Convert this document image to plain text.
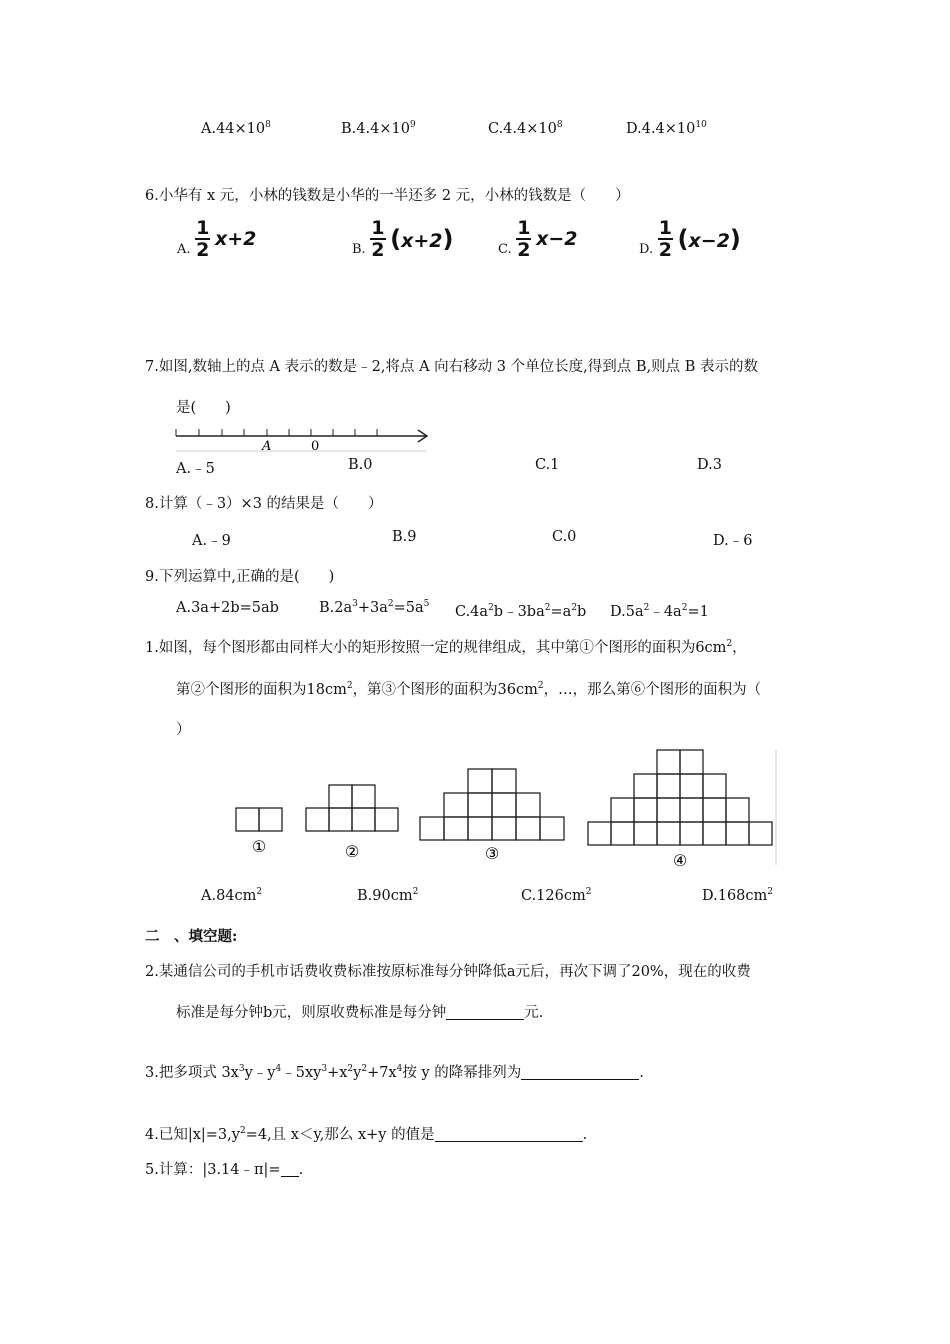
$A.44\times 10^8$	$B.4.4\times 10^9$	$C.4.4\times 10^8$	$D.4.4\times 10^{10}$
6.小华有 x 元，小林的钱数是小华的一半还多 2 元，小林的钱数是（　　）
A. $\frac{1}{2} x+2$	B. $\frac{1}{2} (x+2)$	C. $\frac{1}{2} x-2$	D. $\frac{1}{2} (x-2)$
7.如图,数轴上的点 A 表示的数是﹣2,将点 A 向右移动 3 个单位长度,得到点 B,则点 B 表示的数
是(　　)
A	0
A.﹣5	B.0	C.1	D.3
8.计算（﹣3）×3 的结果是（　　）
A.﹣9	B.9	C.0	D.﹣6
9.下列运算中,正确的是(　　)
A.3a+2b=5ab	$B.2a^3+3a^2=5a^5$ $C.4a^2b﹣3ba^2=a^2b$ $D.5a^2﹣4a^2=1$
1.如图，每个图形都由同样大小的矩形按照一定的规律组成，其中第①个图形的面积为$6cm^2$，
第②个图形的面积为$18cm^2$，第③个图形的面积为$36cm^2$，…，那么第⑥个图形的面积为（
）
①	②	③	④
$A.84cm^2$	$B.90cm^2$	$C.126cm^2$	$D.168cm^2$
二　、填空题:
2.某通信公司的手机市话费收费标准按原标准每分钟降低a元后，再次下调了20%，现在的收费
标准是每分钟b元，则原收费标准是每分钟	元.
3.把多项式 $3x^3y﹣y^4﹣5xy^3+x^2y^2+7x^4$按 y 的降幂排列为	.
4.已知$|x|=3,y^2=4$,且 x＜y,那么 x+y 的值是	.
5.计算：|3.14﹣π|= .
